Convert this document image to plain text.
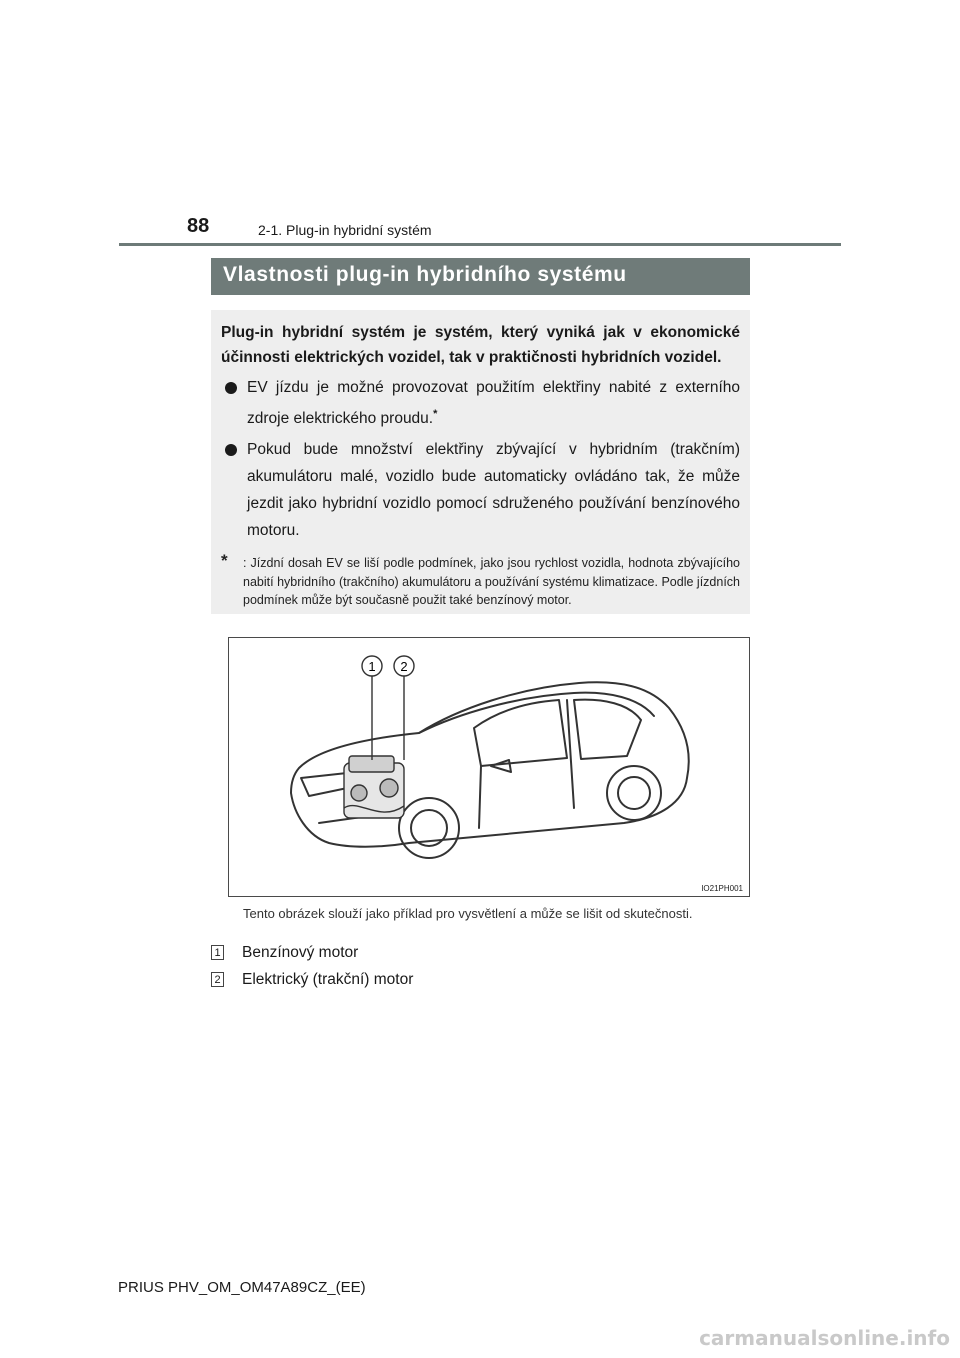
88	2-1. Plug-in hybridní systém
Vlastnosti plug-in hybridního systému

Plug-in hybridní systém je systém, který vyniká jak v ekonomické účinnosti elektrických vozidel, tak v praktičnosti hybridních vozidel.

EV jízdu je možné provozovat použitím elektřiny nabité z externího zdroje elektrického proudu.*
Pokud bude množství elektřiny zbývající v hybridním (trakčním) akumulátoru malé, vozidlo bude automaticky ovládáno tak, že může jezdit jako hybridní vozidlo pomocí sdruženého používání benzínového motoru.
* : Jízdní dosah EV se liší podle podmínek, jako jsou rychlost vozidla, hodnota zbývajícího nabití hybridního (trakčního) akumulátoru a používání systému klimatizace. Podle jízdních podmínek může být současně použit také benzínový motor.
1 2
IO21PH001
Tento obrázek slouží jako příklad pro vysvětlení a může se lišit od skutečnosti.
1 Benzínový motor
2 Elektrický (trakční) motor
PRIUS PHV_OM_OM47A89CZ_(EE)
carmanualsonline.info
